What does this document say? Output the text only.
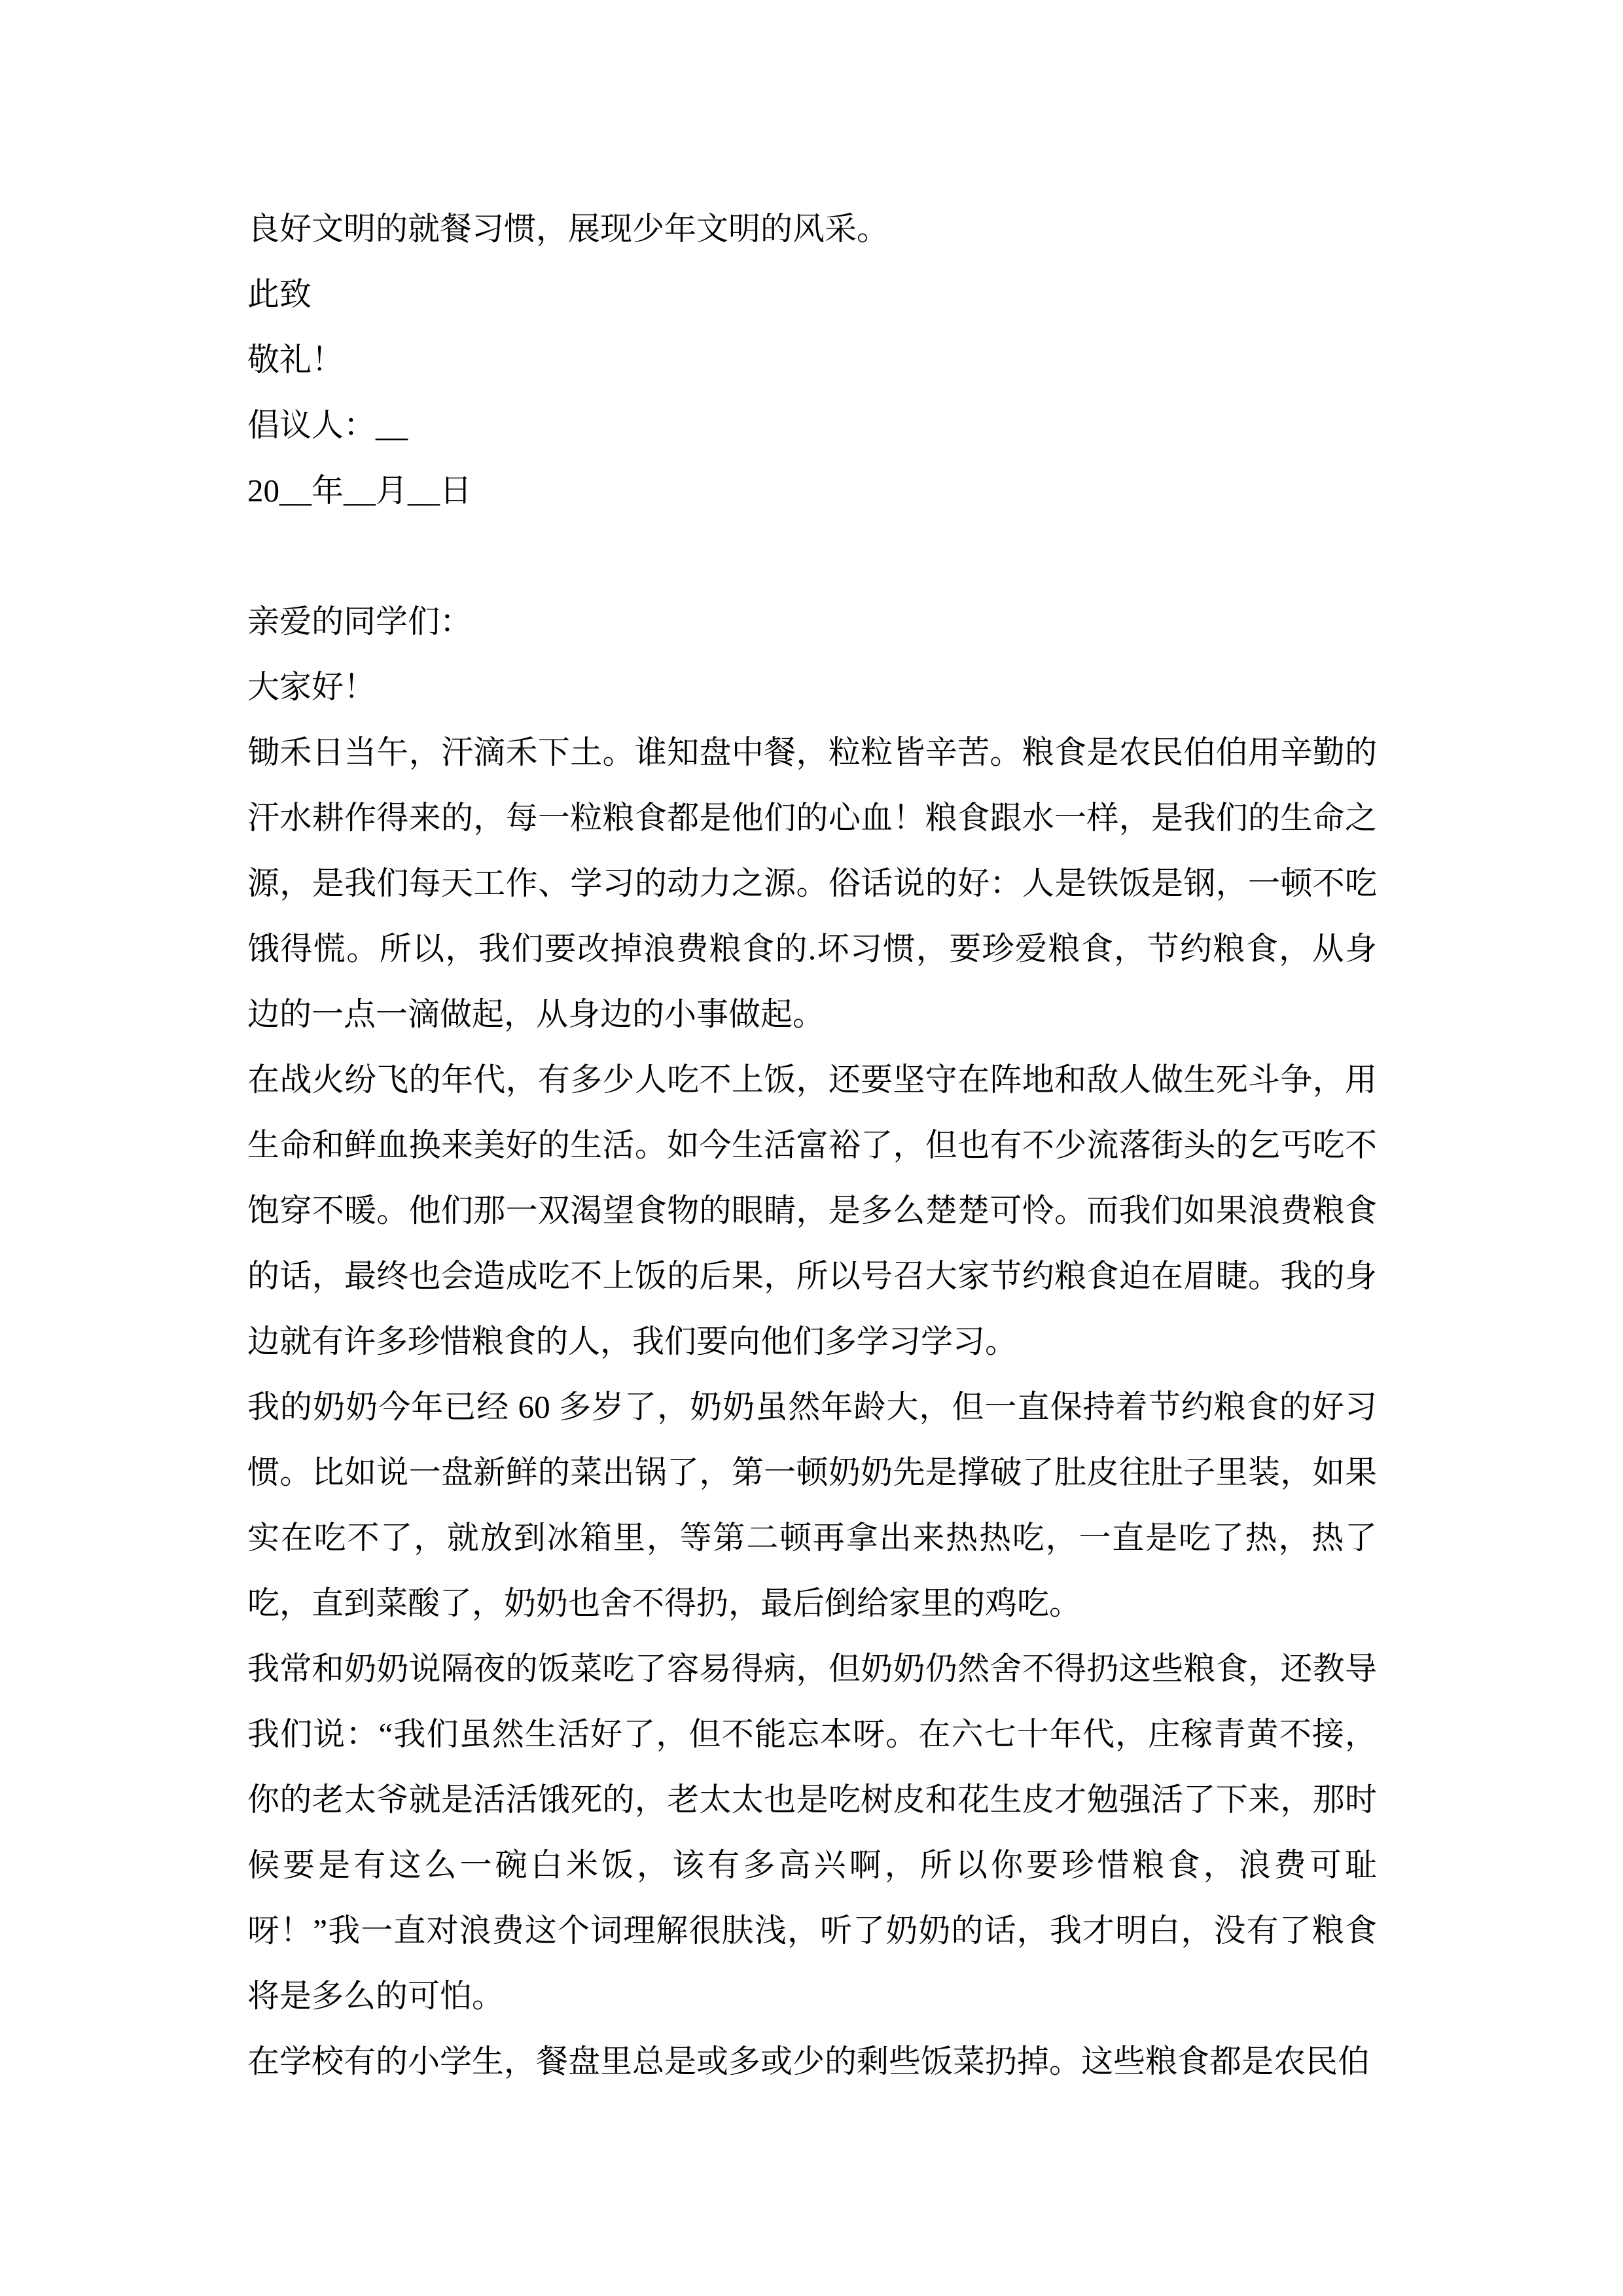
良好文明的就餐习惯，展现少年文明的风采。

此致

敬礼！

倡议人：__

20__年__月__日

亲爱的同学们：

大家好！

锄禾日当午，汗滴禾下土。谁知盘中餐，粒粒皆辛苦。粮食是农民伯伯用辛勤的汗水耕作得来的，每一粒粮食都是他们的心血！粮食跟水一样，是我们的生命之源，是我们每天工作、学习的动力之源。俗话说的好：人是铁饭是钢，一顿不吃饿得慌。所以，我们要改掉浪费粮食的.坏习惯，要珍爱粮食，节约粮食，从身边的一点一滴做起，从身边的小事做起。

在战火纷飞的年代，有多少人吃不上饭，还要坚守在阵地和敌人做生死斗争，用生命和鲜血换来美好的生活。如今生活富裕了，但也有不少流落街头的乞丐吃不饱穿不暖。他们那一双渴望食物的眼睛，是多么楚楚可怜。而我们如果浪费粮食的话，最终也会造成吃不上饭的后果，所以号召大家节约粮食迫在眉睫。我的身边就有许多珍惜粮食的人，我们要向他们多学习学习。

我的奶奶今年已经 60 多岁了，奶奶虽然年龄大，但一直保持着节约粮食的好习惯。比如说一盘新鲜的菜出锅了，第一顿奶奶先是撑破了肚皮往肚子里装，如果实在吃不了，就放到冰箱里，等第二顿再拿出来热热吃，一直是吃了热，热了吃，直到菜酸了，奶奶也舍不得扔，最后倒给家里的鸡吃。

我常和奶奶说隔夜的饭菜吃了容易得病，但奶奶仍然舍不得扔这些粮食，还教导我们说：“我们虽然生活好了，但不能忘本呀。在六七十年代，庄稼青黄不接，你的老太爷就是活活饿死的，老太太也是吃树皮和花生皮才勉强活了下来，那时候要是有这么一碗白米饭，该有多高兴啊，所以你要珍惜粮食，浪费可耻呀！”我一直对浪费这个词理解很肤浅，听了奶奶的话，我才明白，没有了粮食将是多么的可怕。

在学校有的小学生，餐盘里总是或多或少的剩些饭菜扔掉。这些粮食都是农民伯
